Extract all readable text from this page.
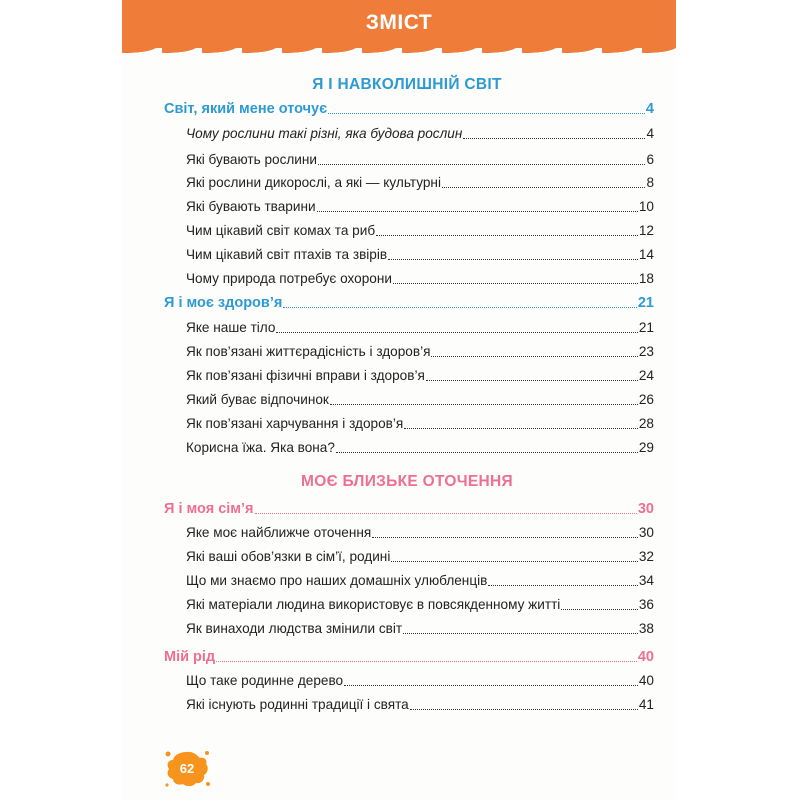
ЗМІСТ
Я І НАВКОЛИШНІЙ СВІТ
Світ, який мене оточує	4
Чому рослини такі різні, яка будова рослин	4
Які бувають рослини	6
Які рослини дикорослі, а які — культурні	8
Які бувають тварини	10
Чим цікавий світ комах та риб	12
Чим цікавий світ птахів та звірів	14
Чому природа потребує охорони	18
Я і моє здоров’я	21
Яке наше тіло	21
Як пов’язані життєрадісність і здоров’я	23
Як пов’язані фізичні вправи і здоров’я	24
Який буває відпочинок	26
Як пов’язані харчування і здоров’я	28
Корисна їжа. Яка вона?	29
МОЄ БЛИЗЬКЕ ОТОЧЕННЯ
Я і моя сім’я	30
Яке моє найближче оточення	30
Які ваші обов’язки в сім’ї, родині	32
Що ми знаємо про наших домашніх улюбленців	34
Які матеріали людина використовує в повсякденному житті	36
Як винаходи людства змінили світ	38
Мій рід	40
Що таке родинне дерево	40
Які існують родинні традиції і свята	41
62
